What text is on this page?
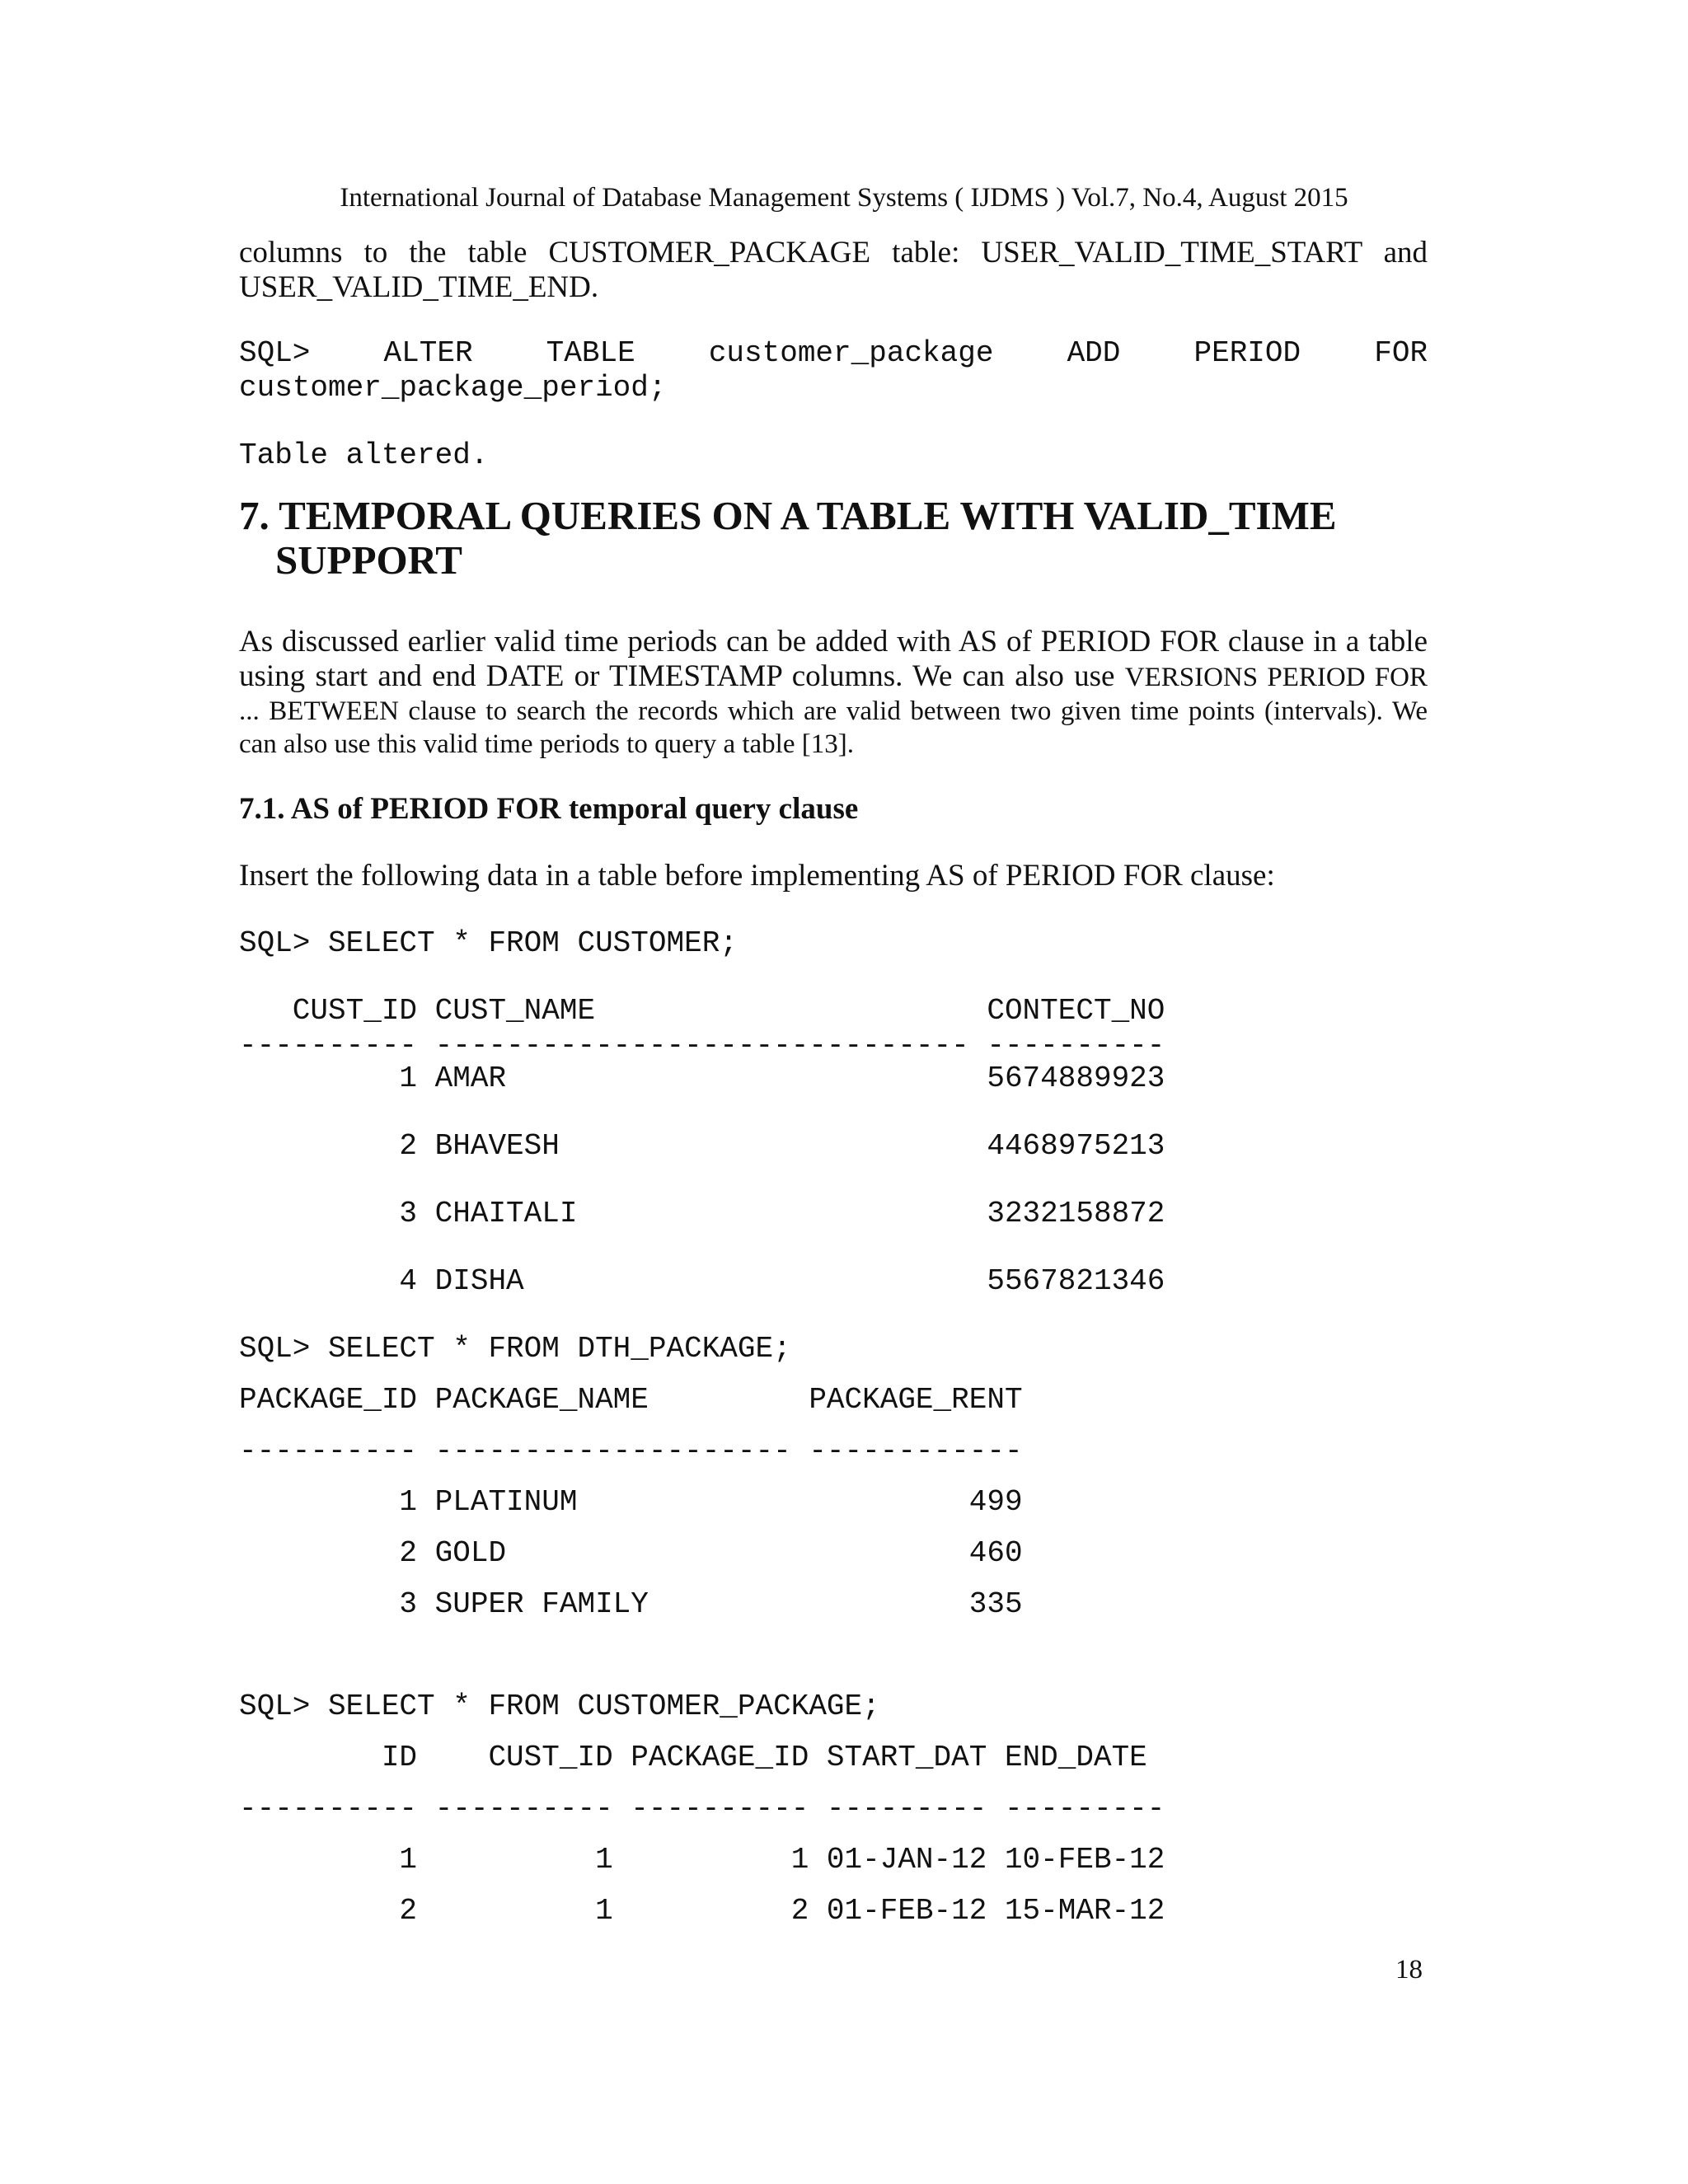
International Journal of Database Management Systems ( IJDMS ) Vol.7, No.4, August 2015
columns to the table CUSTOMER_PACKAGE table: USER_VALID_TIME_START and
USER_VALID_TIME_END.
SQL> ALTER TABLE customer_package ADD PERIOD FOR
customer_package_period;
Table altered.
7. TEMPORAL QUERIES ON A TABLE WITH VALID_TIME
SUPPORT
As discussed earlier valid time periods can be added with AS of PERIOD FOR clause in a table
using start and end DATE or TIMESTAMP columns. We can also use VERSIONS PERIOD FOR
... BETWEEN clause to search the records which are valid between two given time points (intervals). We
can also use this valid time periods to query a table [13].
7.1. AS of PERIOD FOR temporal query clause
Insert the following data in a table before implementing AS of PERIOD FOR clause:
SQL> SELECT * FROM CUSTOMER;
CUST_ID CUST_NAME                      CONTECT_NO
---------- ------------------------------ ----------
1 AMAR                           5674889923
2 BHAVESH                        4468975213
3 CHAITALI                       3232158872
4 DISHA                          5567821346
SQL> SELECT * FROM DTH_PACKAGE;
PACKAGE_ID PACKAGE_NAME         PACKAGE_RENT
---------- -------------------- ------------
1 PLATINUM                      499
2 GOLD                          460
3 SUPER FAMILY                  335
SQL> SELECT * FROM CUSTOMER_PACKAGE;
ID    CUST_ID PACKAGE_ID START_DAT END_DATE
---------- ---------- ---------- --------- ---------
1          1          1 01-JAN-12 10-FEB-12
2          1          2 01-FEB-12 15-MAR-12
18
